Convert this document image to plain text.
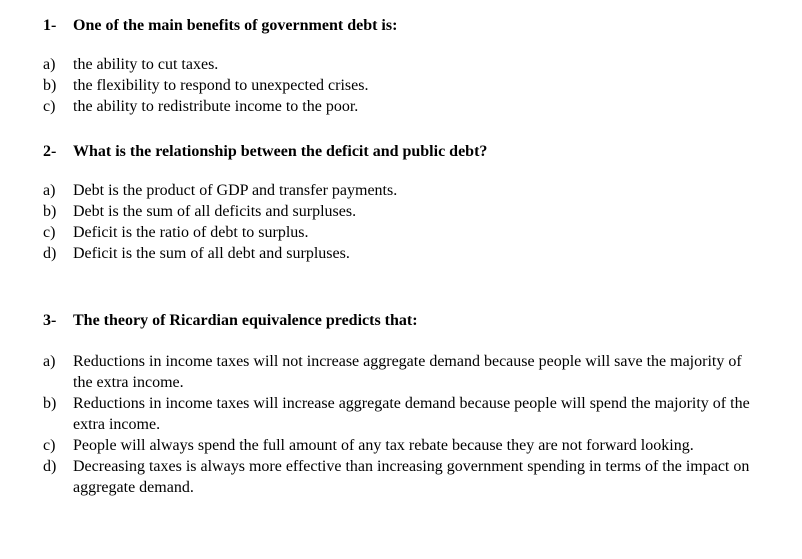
1-	One of the main benefits of government debt is:
a)	the ability to cut taxes.
b)	the flexibility to respond to unexpected crises.
c)	the ability to redistribute income to the poor.
2-	What is the relationship between the deficit and public debt?
a)	Debt is the product of GDP and transfer payments.
b)	Debt is the sum of all deficits and surpluses.
c)	Deficit is the ratio of debt to surplus.
d)	Deficit is the sum of all debt and surpluses.
3-	The theory of Ricardian equivalence predicts that:
a)	Reductions in income taxes will not increase aggregate demand because people will save the majority of the extra income.
b)	Reductions in income taxes will increase aggregate demand because people will spend the majority of the extra income.
c)	People will always spend the full amount of any tax rebate because they are not forward looking.
d)	Decreasing taxes is always more effective than increasing government spending in terms of the impact on aggregate demand.
